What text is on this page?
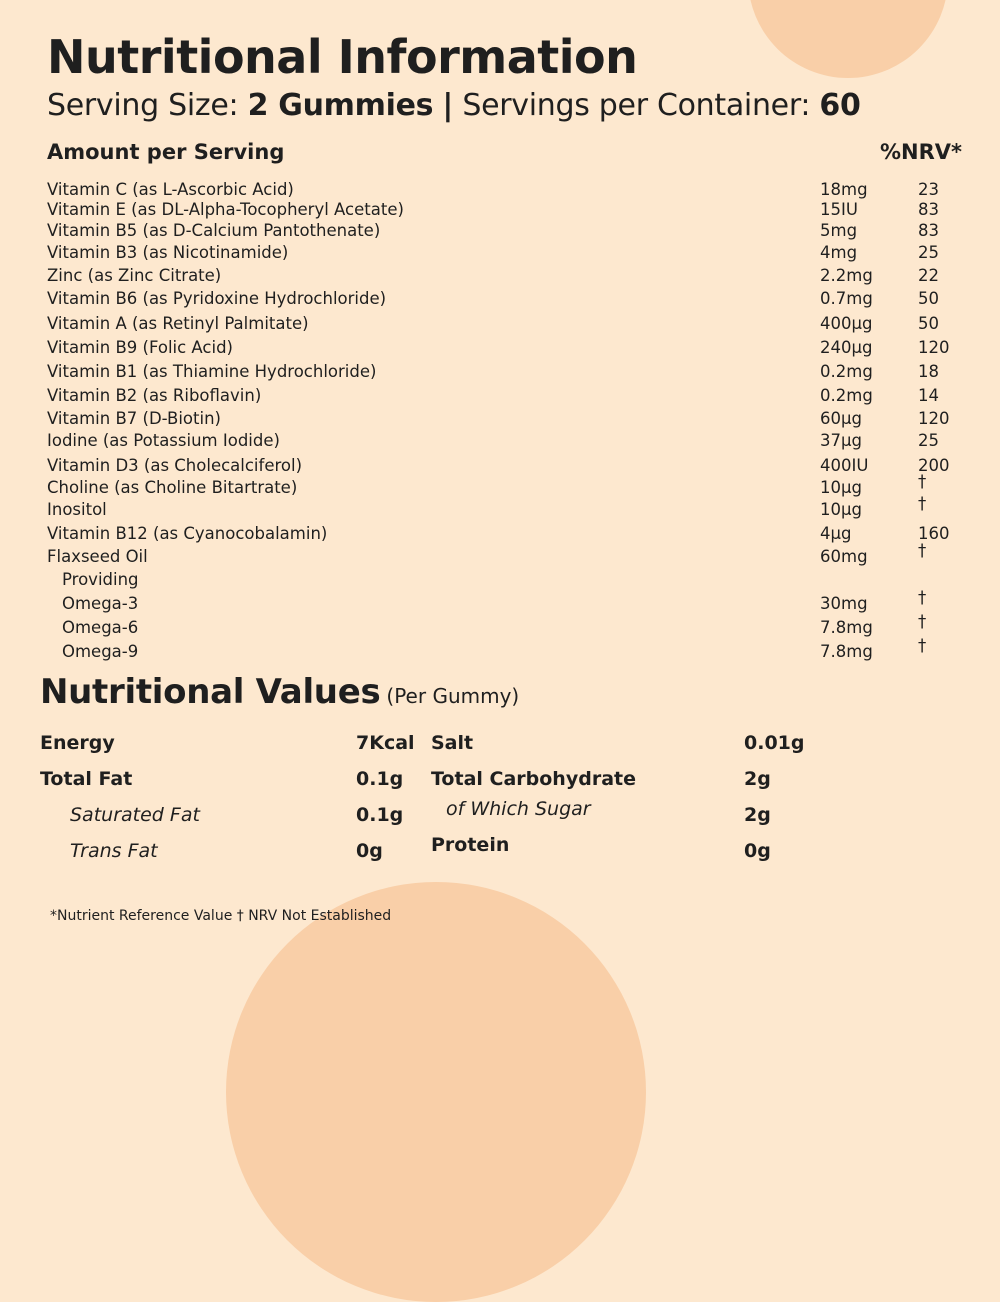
Nutritional Information
Serving Size: 2 Gummies | Servings per Container: 60
Amount per Serving	%NRV*
Vitamin C (as L-Ascorbic Acid)	18mg	23
Vitamin E (as DL-Alpha-Tocopheryl Acetate)	15IU	83
Vitamin B5 (as D-Calcium Pantothenate)	5mg	83
Vitamin B3 (as Nicotinamide)	4mg	25
Zinc (as Zinc Citrate)	2.2mg	22
Vitamin B6 (as Pyridoxine Hydrochloride)	0.7mg	50
Vitamin A (as Retinyl Palmitate)	400µg	50
Vitamin B9 (Folic Acid)	240µg	120
Vitamin B1 (as Thiamine Hydrochloride)	0.2mg	18
Vitamin B2 (as Riboflavin)	0.2mg	14
Vitamin B7 (D-Biotin)	60µg	120
Iodine (as Potassium Iodide)	37µg	25
Vitamin D3 (as Cholecalciferol)	400IU	200
Choline (as Choline Bitartrate)	10µg	†
Inositol	10µg	†
Vitamin B12 (as Cyanocobalamin)	4µg	160
Flaxseed Oil	60mg	†
Providing
Omega-3	30mg	†
Omega-6	7.8mg	†
Omega-9	7.8mg	†
Nutritional Values (Per Gummy)
Energy	7Kcal
Total Fat	0.1g
Saturated Fat	0.1g
Trans Fat	0g
Salt	0.01g
Total Carbohydrate	2g
of Which Sugar	2g
Protein	0g
*Nutrient Reference Value † NRV Not Established
